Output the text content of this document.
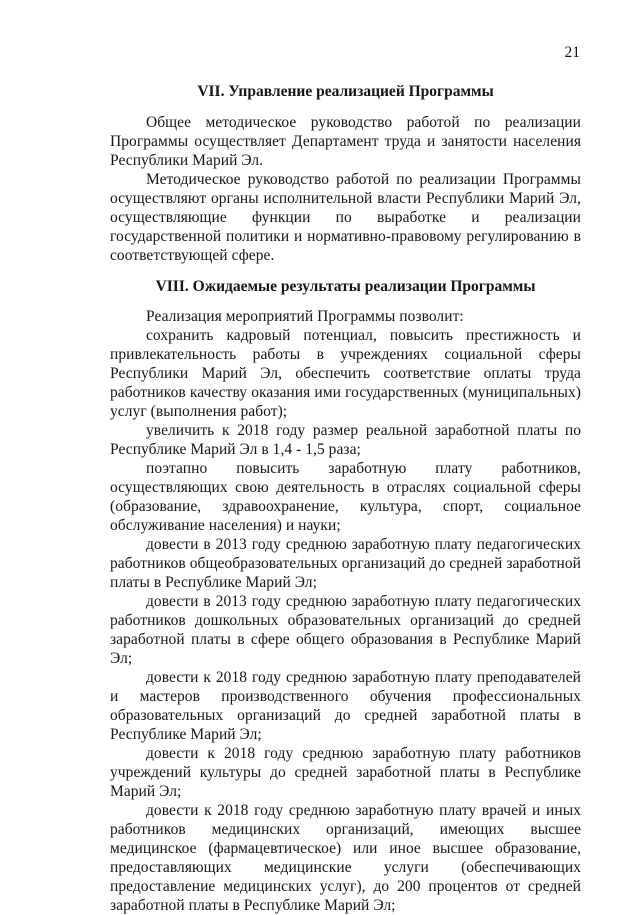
21
VII. Управление реализацией Программы

Общее методическое руководство работой по реализации Программы осуществляет Департамент труда и занятости населения Республики Марий Эл.

Методическое руководство работой по реализации Программы осуществляют органы исполнительной власти Республики Марий Эл, осуществляющие функции по выработке и реализации государственной политики и нормативно-правовому регулированию в соответствующей сфере.

VIII. Ожидаемые результаты реализации Программы

Реализация мероприятий Программы позволит:

сохранить кадровый потенциал, повысить престижность и привлекательность работы в учреждениях социальной сферы Республики Марий Эл, обеспечить соответствие оплаты труда работников качеству оказания ими государственных (муниципальных) услуг (выполнения работ);

увеличить к 2018 году размер реальной заработной платы по Республике Марий Эл в 1,4 - 1,5 раза;

поэтапно повысить заработную плату работников, осуществляющих свою деятельность в отраслях социальной сферы (образование, здравоохранение, культура, спорт, социальное обслуживание населения) и науки;

довести в 2013 году среднюю заработную плату педагогических работников общеобразовательных организаций до средней заработной платы в Республике Марий Эл;

довести в 2013 году среднюю заработную плату педагогических работников дошкольных образовательных организаций до средней заработной платы в сфере общего образования в Республике Марий Эл;

довести к 2018 году среднюю заработную плату преподавателей и мастеров производственного обучения профессиональных образовательных организаций до средней заработной платы в Республике Марий Эл;

довести к 2018 году среднюю заработную плату работников учреждений культуры до средней заработной платы в Республике Марий Эл;

довести к 2018 году среднюю заработную плату врачей и иных работников медицинских организаций, имеющих высшее медицинское (фармацевтическое) или иное высшее образование, предоставляющих медицинские услуги (обеспечивающих предоставление медицинских услуг), до 200 процентов от средней заработной платы в Республике Марий Эл;
